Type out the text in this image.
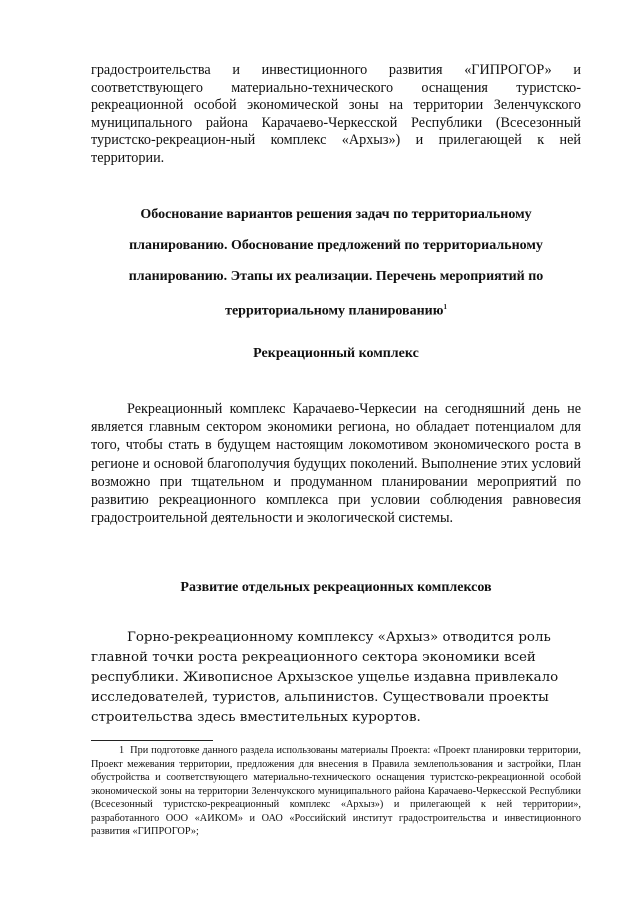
градостроительства и инвестиционного развития «ГИПРОГОР» и соответствующего материально-технического оснащения туристско-рекреационной особой экономической зоны на территории Зеленчукского муниципального района Карачаево-Черкесской Республики (Всесезонный туристско-рекреацион-ный комплекс «Архыз») и прилегающей к ней территории.

Обоснование вариантов решения задач по территориальному планированию. Обоснование предложений по территориальному планированию. Этапы их реализации. Перечень мероприятий по территориальному планированию$^1$
Рекреационный комплекс

Рекреационный комплекс Карачаево-Черкесии на сегодняшний день не является главным сектором экономики региона, но обладает потенциалом для того, чтобы стать в будущем настоящим локомотивом экономического роста в регионе и основой благополучия будущих поколений. Выполнение этих условий возможно при тщательном и продуманном планировании мероприятий по развитию рекреационного комплекса при условии соблюдения равновесия градостроительной деятельности и экологической системы.

Развитие отдельных рекреационных комплексов

Горно-рекреационному комплексу «Архыз» отводится роль главной точки роста рекреационного сектора экономики всей республики. Живописное Архызское ущелье издавна привлекало исследователей, туристов, альпинистов. Существовали проекты строительства здесь вместительных курортов.

1 При подготовке данного раздела использованы материалы Проекта: «Проект планировки территории, Проект межевания территории, предложения для внесения в Правила землепользования и застройки, План обустройства и соответствующего материально-технического оснащения туристско-рекреационной особой экономической зоны на территории Зеленчукского муниципального района Карачаево-Черкесской Республики (Всесезонный туристско-рекреационный комплекс «Архыз») и прилегающей к ней территории», разработанного ООО «АИКОМ» и ОАО «Российский институт градостроительства и инвестиционного развития «ГИПРОГОР»;
